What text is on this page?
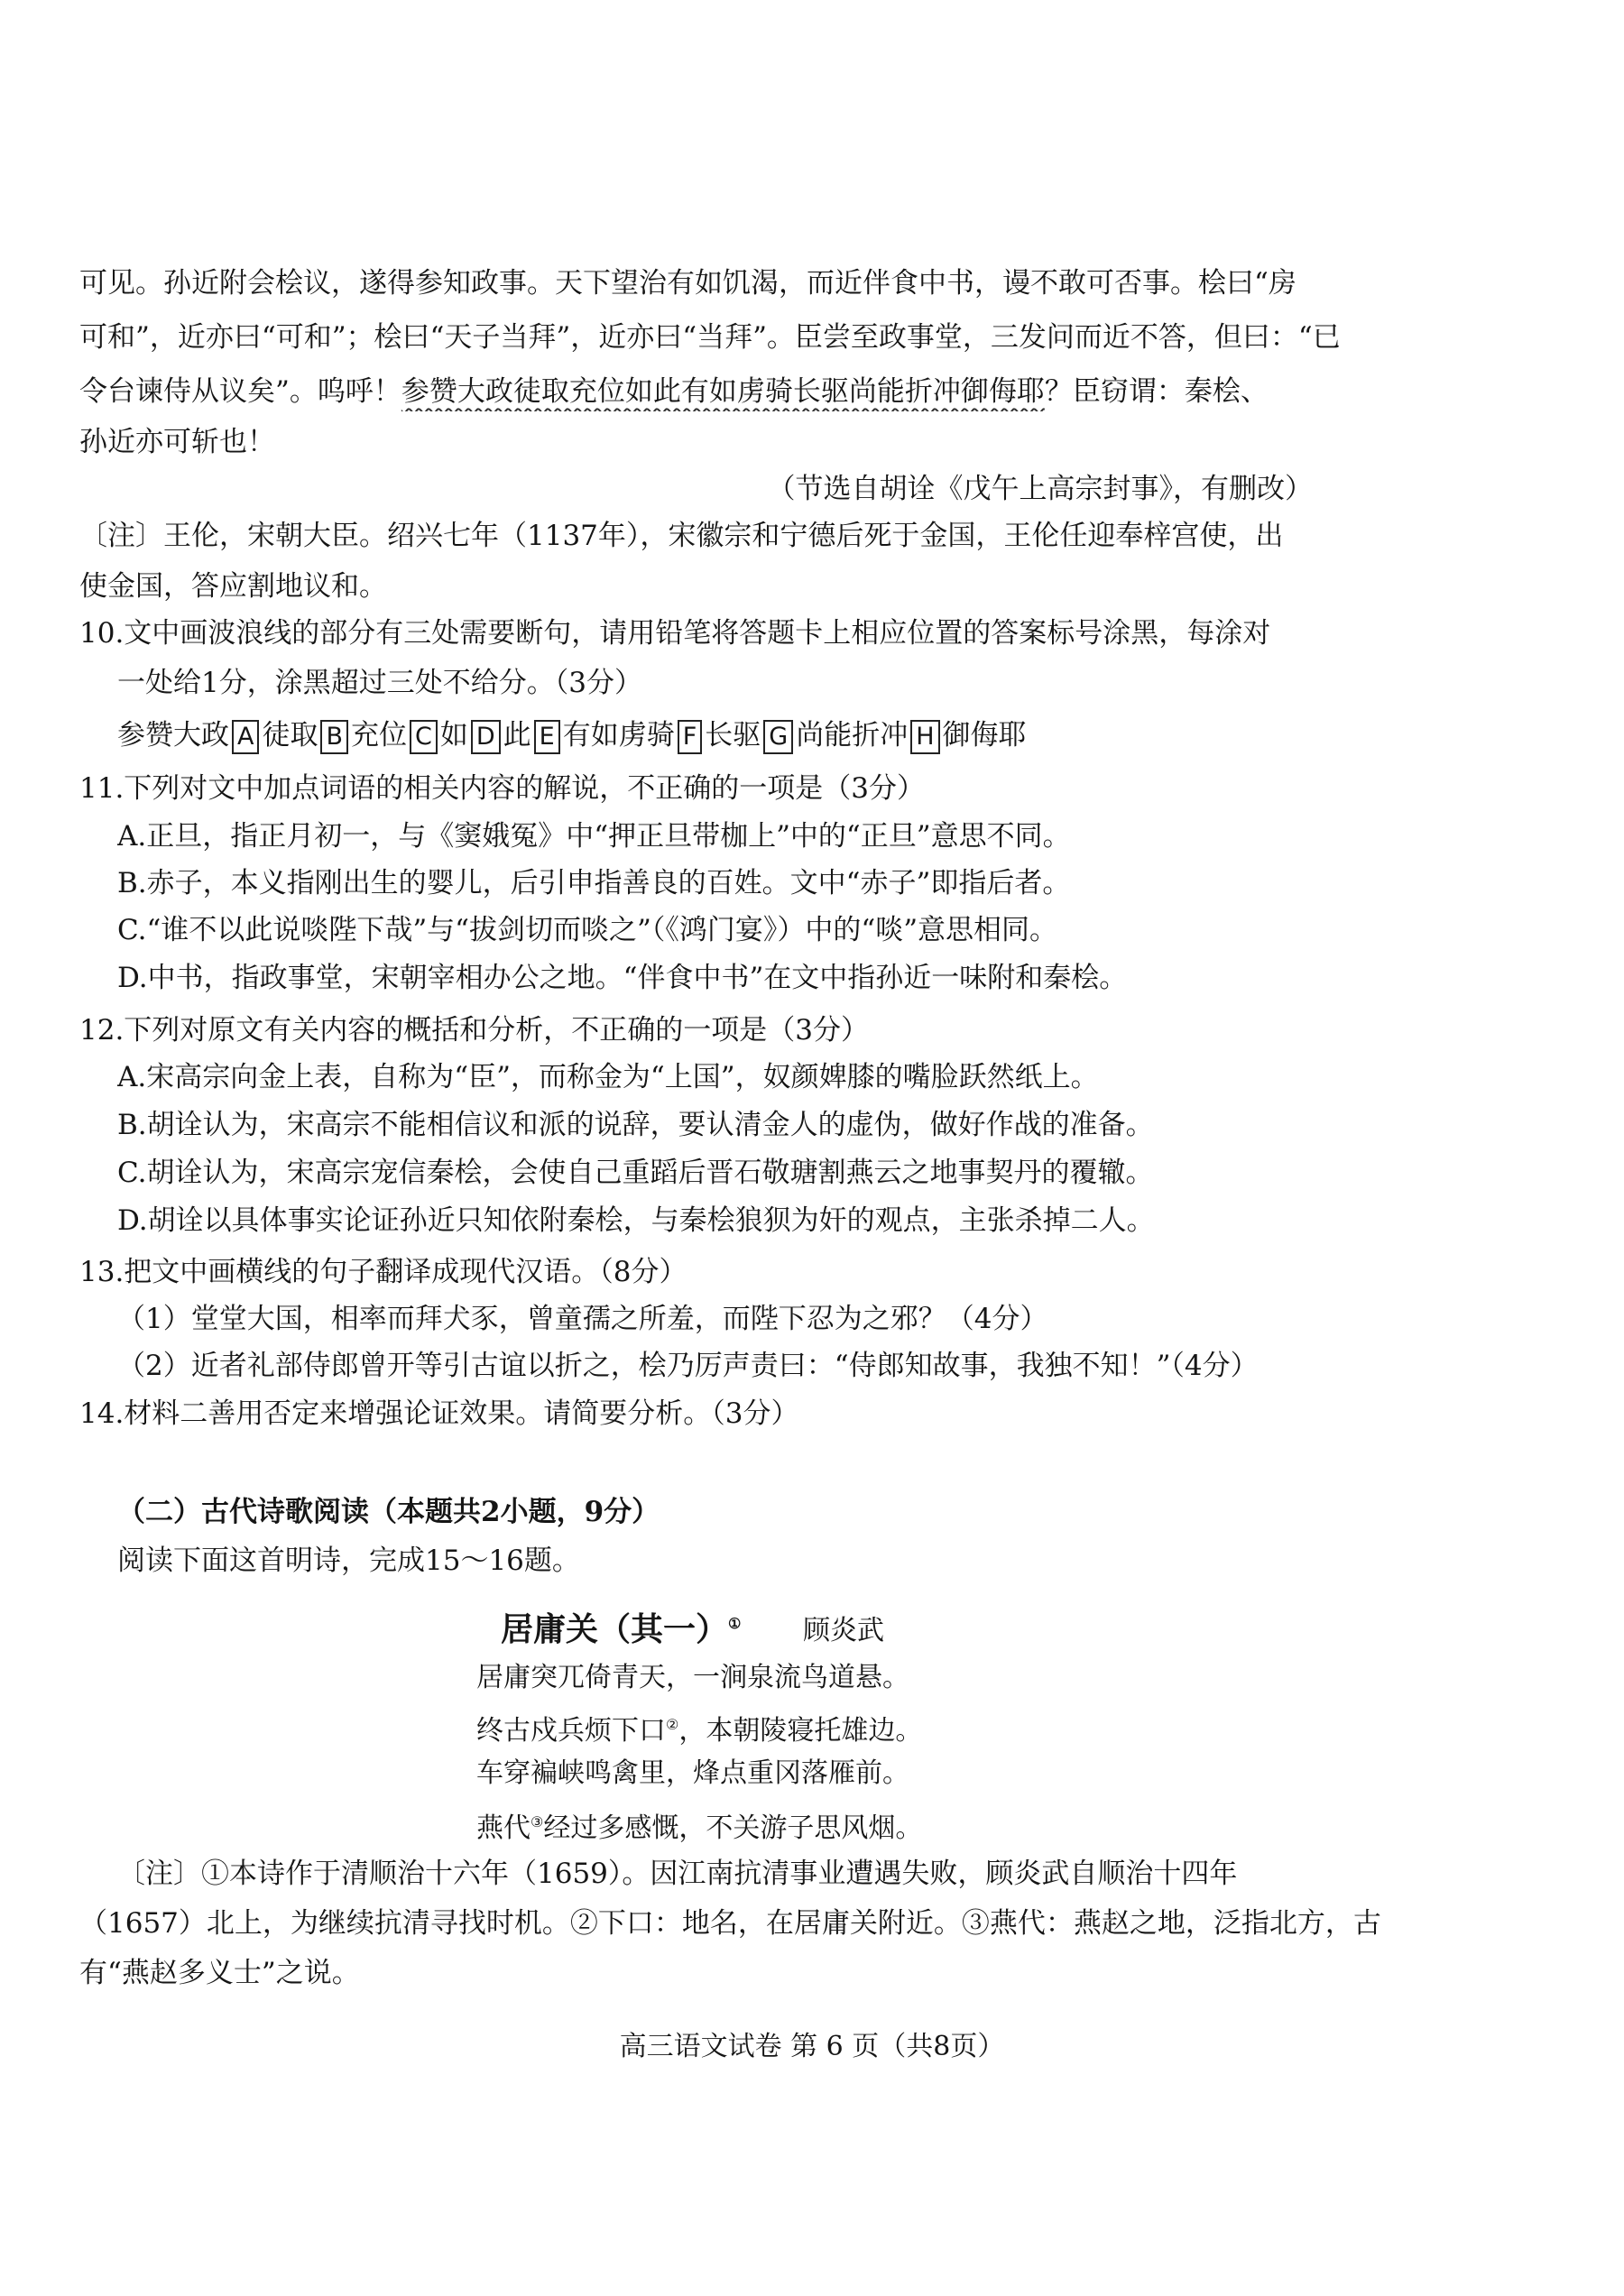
可见。孙近附会桧议，遂得参知政事。天下望治有如饥渴，而近伴食中书，谩不敢可否事。桧曰“房
可和”，近亦曰“可和”；桧曰“天子当拜”，近亦曰“当拜”。臣尝至政事堂，三发问而近不答，但曰：“已
令台谏侍从议矣”。呜呼！参赞大政徒取充位如此有如虏骑长驱尚能折冲御侮耶？臣窃谓：秦桧、
孙近亦可斩也！
（节选自胡诠《戊午上高宗封事》，有删改）
〔注〕王伦，宋朝大臣。绍兴七年（1137年），宋徽宗和宁德后死于金国，王伦任迎奉梓宫使，出
使金国，答应割地议和。
10.文中画波浪线的部分有三处需要断句，请用铅笔将答题卡上相应位置的答案标号涂黑，每涂对
一处给1分，涂黑超过三处不给分。（3分）
参赞大政 A 徒取 B 充位 C 如 D 此 E 有如虏骑 F 长驱 G 尚能折冲 H 御侮耶
11.下列对文中加点词语的相关内容的解说，不正确的一项是（3分）
A.正旦，指正月初一，与《窦娥冤》中“押正旦带枷上”中的“正旦”意思不同。
B.赤子，本义指刚出生的婴儿，后引申指善良的百姓。文中“赤子”即指后者。
C.“谁不以此说啖陛下哉”与“拔剑切而啖之”（《鸿门宴》）中的“啖”意思相同。
D.中书，指政事堂，宋朝宰相办公之地。“伴食中书”在文中指孙近一味附和秦桧。
12.下列对原文有关内容的概括和分析，不正确的一项是（3分）
A.宋高宗向金上表，自称为“臣”，而称金为“上国”，奴颜婢膝的嘴脸跃然纸上。
B.胡诠认为，宋高宗不能相信议和派的说辞，要认清金人的虚伪，做好作战的准备。
C.胡诠认为，宋高宗宠信秦桧，会使自己重蹈后晋石敬瑭割燕云之地事契丹的覆辙。
D.胡诠以具体事实论证孙近只知依附秦桧，与秦桧狼狈为奸的观点，主张杀掉二人。
13.把文中画横线的句子翻译成现代汉语。（8分）
（1）堂堂大国，相率而拜犬豕，曾童孺之所羞，而陛下忍为之邪？（4分）
（2）近者礼部侍郎曾开等引古谊以折之，桧乃厉声责曰：“侍郎知故事，我独不知！”（4分）
14.材料二善用否定来增强论证效果。请简要分析。（3分）
（二）古代诗歌阅读（本题共2小题，9分）
阅读下面这首明诗，完成15～16题。
居庸关（其一）① 顾炎武
居庸突兀倚青天，一涧泉流鸟道悬。
终古戍兵烦下口②，本朝陵寝托雄边。
车穿褊峡鸣禽里，烽点重冈落雁前。
燕代③经过多感慨，不关游子思风烟。
〔注〕①本诗作于清顺治十六年（1659）。因江南抗清事业遭遇失败，顾炎武自顺治十四年
（1657）北上，为继续抗清寻找时机。②下口：地名，在居庸关附近。③燕代：燕赵之地，泛指北方，古
有“燕赵多义士”之说。
高三语文试卷 第 6 页（共8页）
